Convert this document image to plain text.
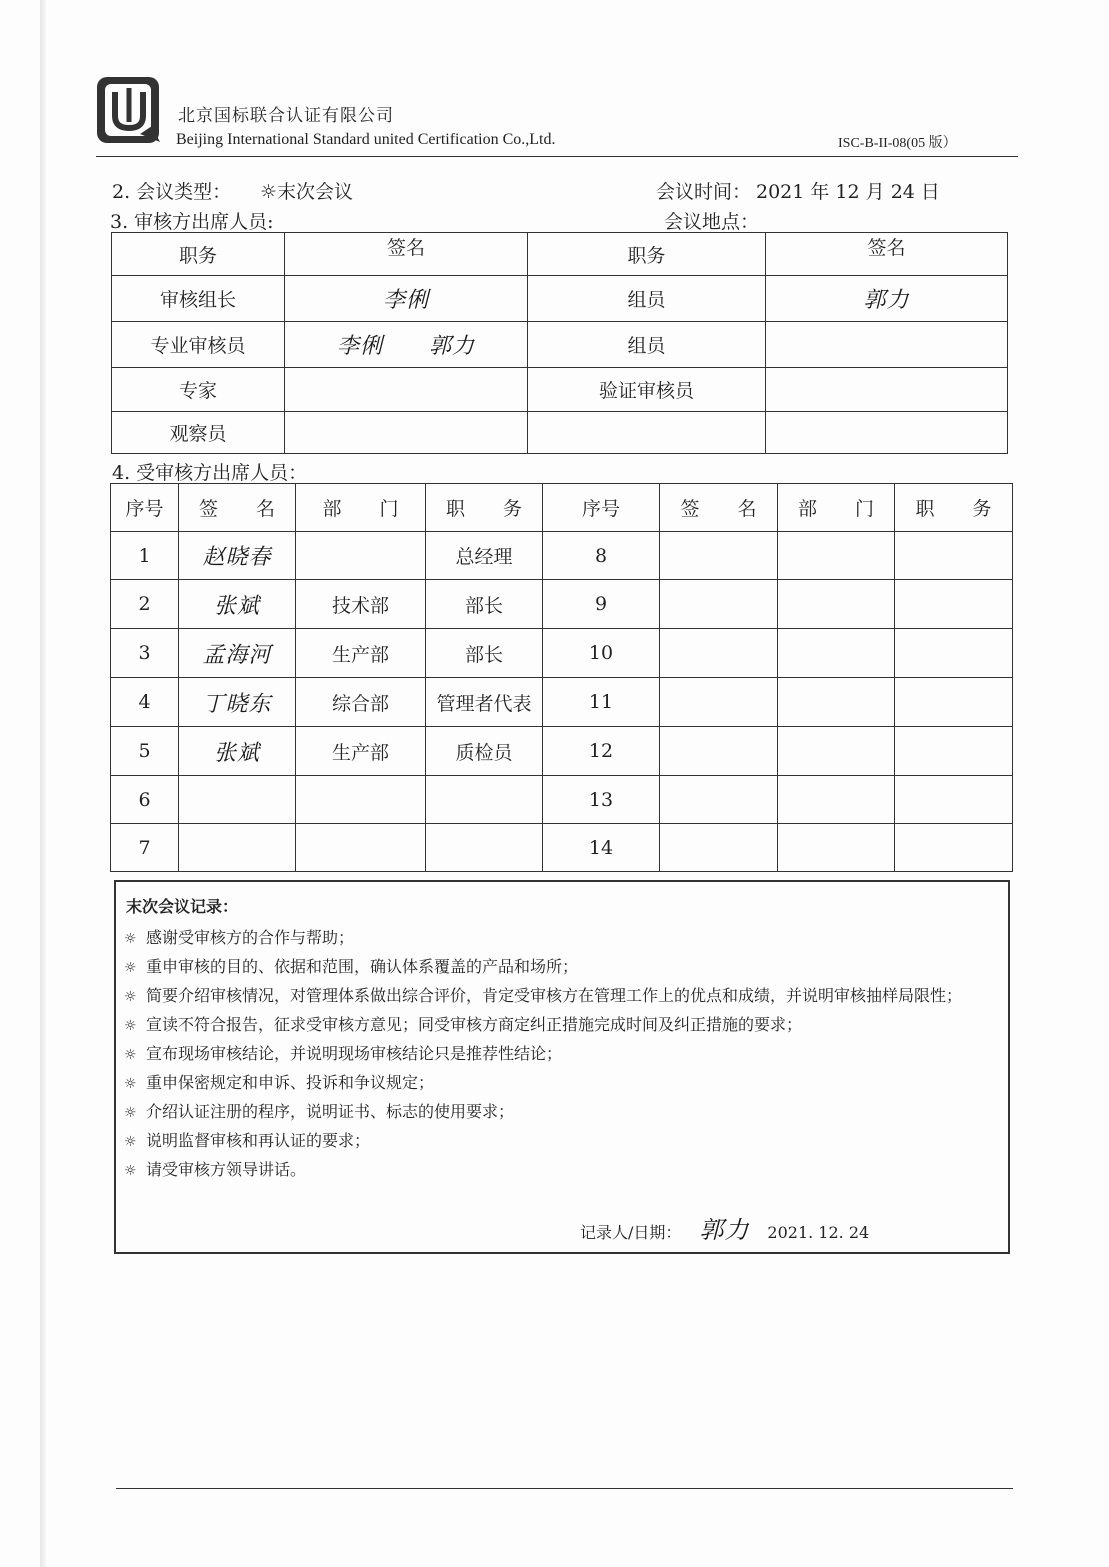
北京国标联合认证有限公司
Beijing International Standard united Certification Co.,Ltd.	ISC-B-II-08(05 版）
2. 会议类型： ☼末次会议	会议时间： 2021 年 12 月 24 日
3. 审核方出席人员:	会议地点：
职务	签名	职务	签名
审核组长	李俐	组员	郭力
专业审核员	李俐　　郭力	组员	
专家		验证审核员	
观察员			
4. 受审核方出席人员：
序号	签　　名	部　　门	职　　务	序号	签　　名	部　　门	职　　务
1	赵晓春		总经理	8			
2	张斌	技术部	部长	9			
3	孟海河	生产部	部长	10			
4	丁晓东	综合部	管理者代表	11			
5	张斌	生产部	质检员	12			
6				13			
7				14			
末次会议记录：
☼ 感谢受审核方的合作与帮助；
☼ 重申审核的目的、依据和范围，确认体系覆盖的产品和场所；
☼ 简要介绍审核情况，对管理体系做出综合评价，肯定受审核方在管理工作上的优点和成绩，并说明审核抽样局限性；
☼ 宣读不符合报告，征求受审核方意见；同受审核方商定纠正措施完成时间及纠正措施的要求；
☼ 宣布现场审核结论，并说明现场审核结论只是推荐性结论；
☼ 重申保密规定和申诉、投诉和争议规定；
☼ 介绍认证注册的程序，说明证书、标志的使用要求；
☼ 说明监督审核和再认证的要求；
☼ 请受审核方领导讲话。
记录人/日期： 郭力 2021. 12. 24
